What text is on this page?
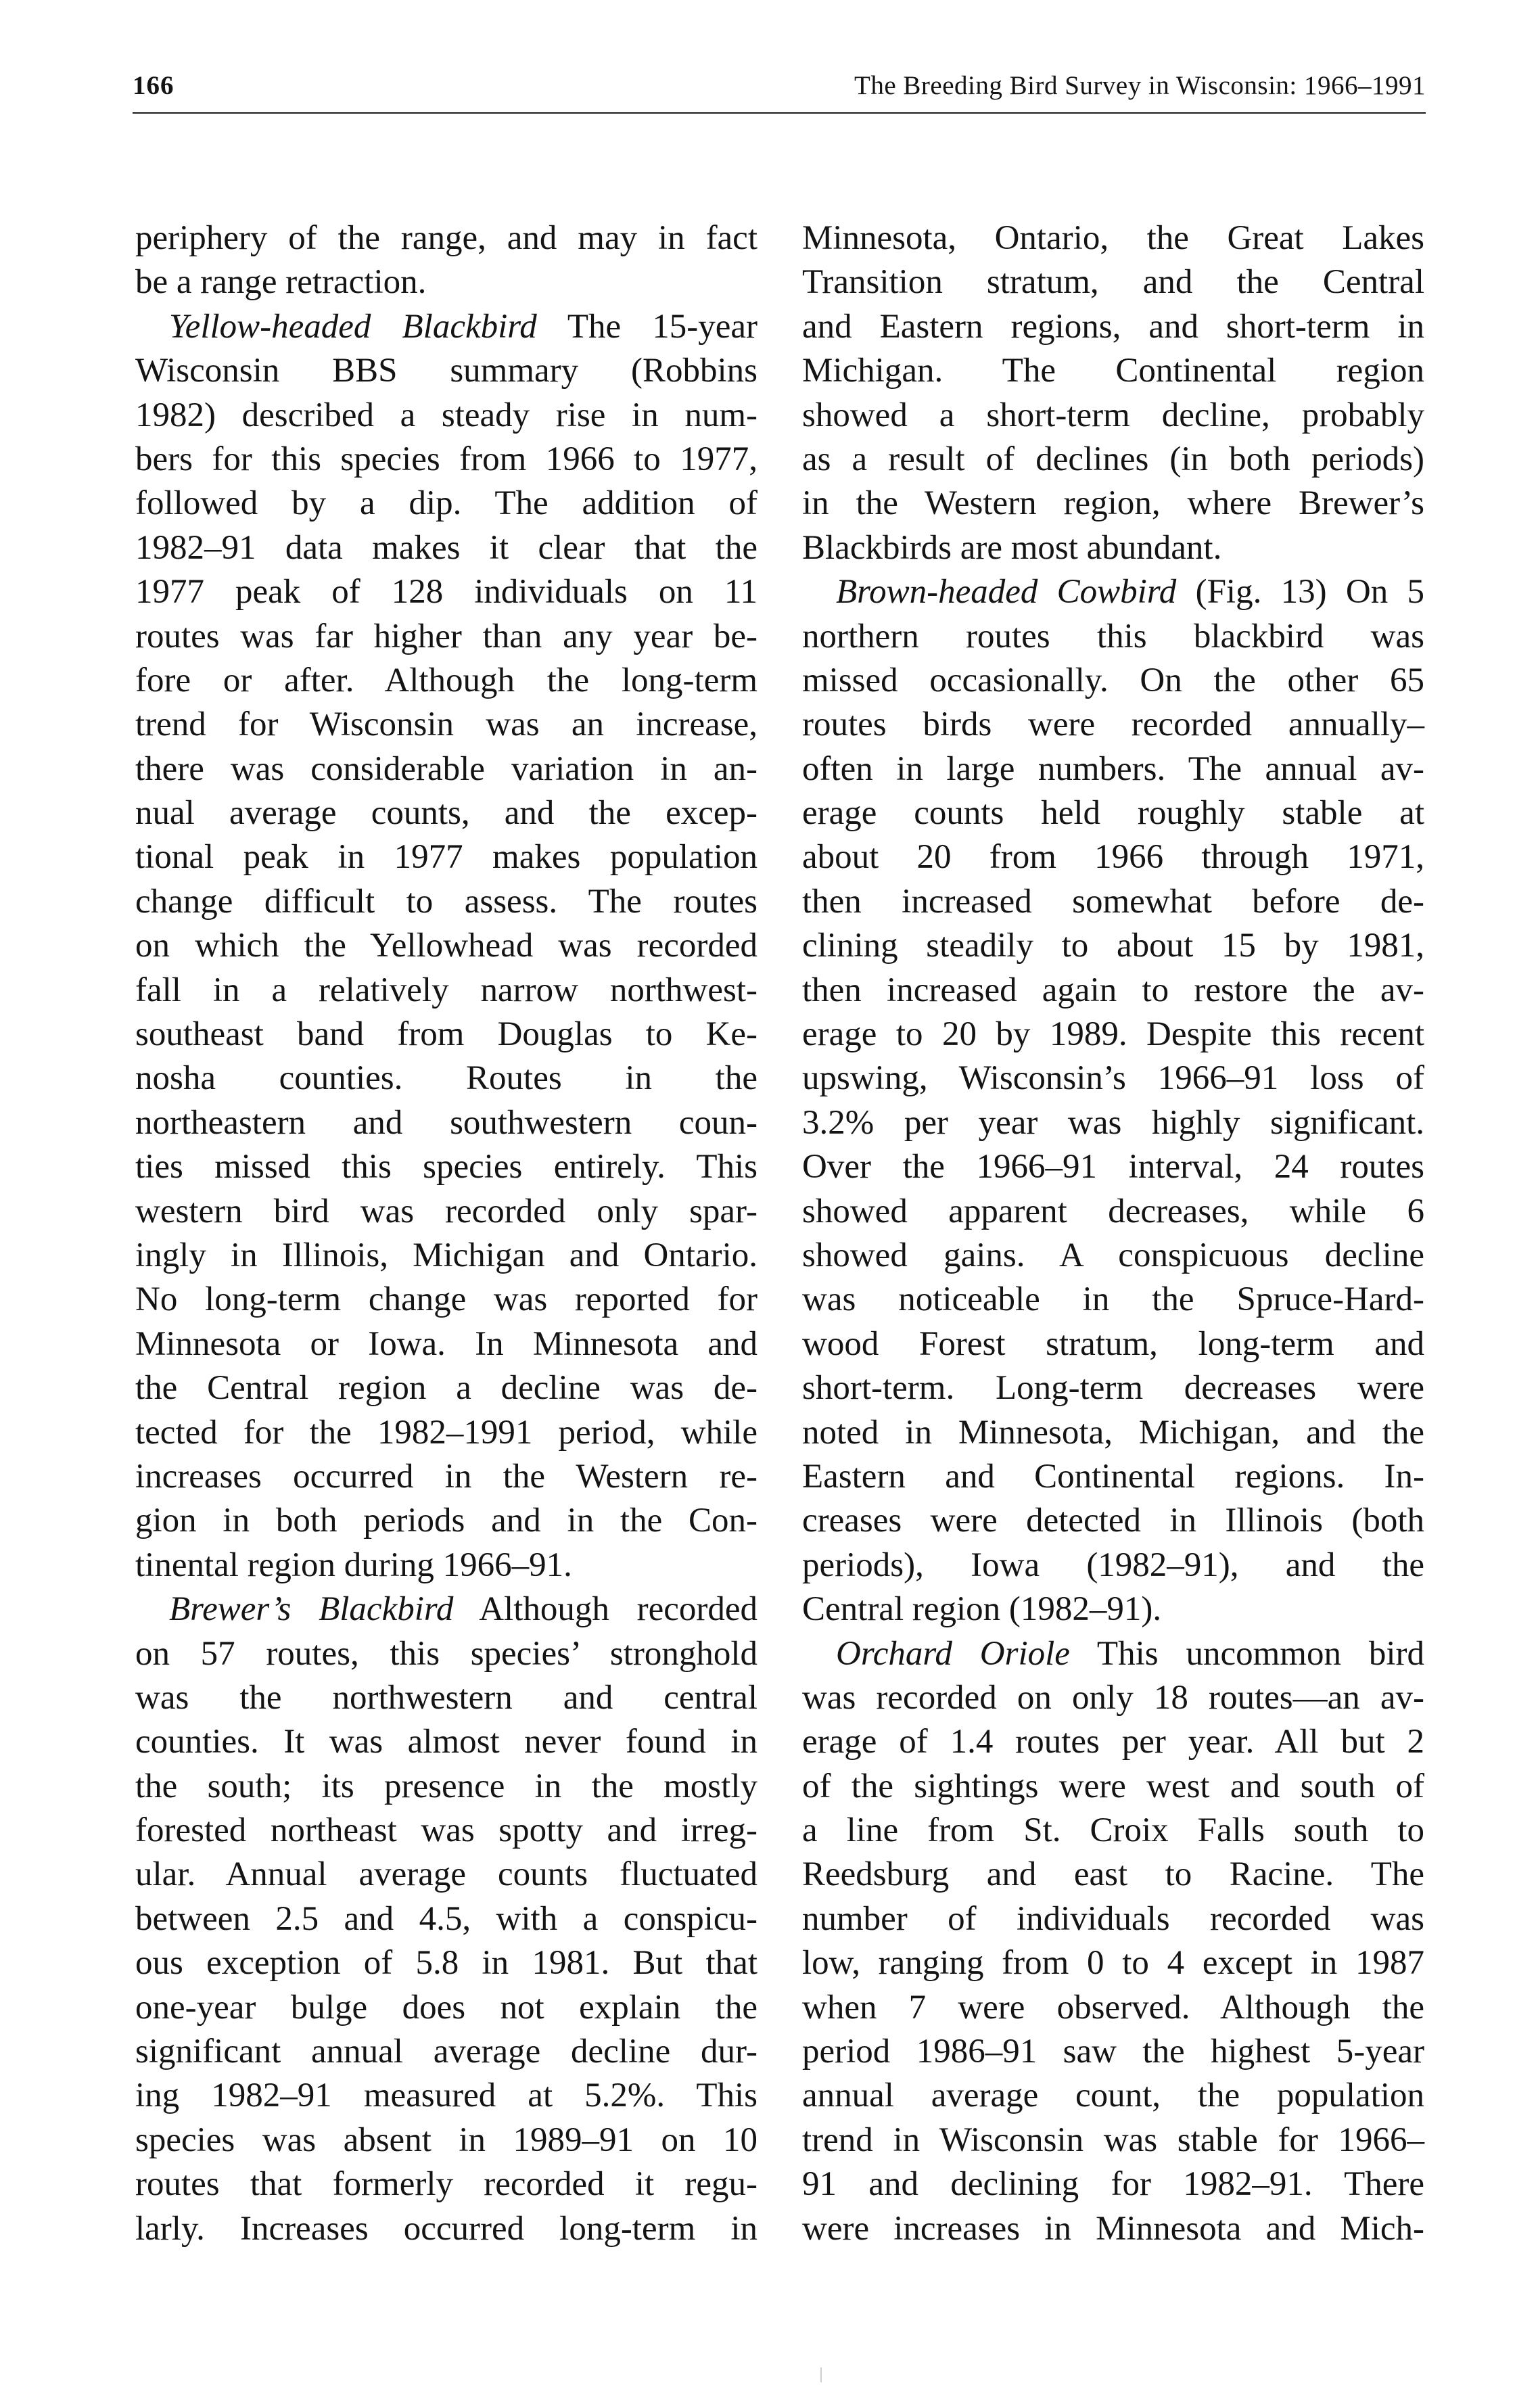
166	The Breeding Bird Survey in Wisconsin: 1966–1991
periphery of the range, and may in fact
be a range retraction.
Yellow-headed Blackbird The 15-year
Wisconsin BBS summary (Robbins
1982) described a steady rise in num-
bers for this species from 1966 to 1977,
followed by a dip. The addition of
1982–91 data makes it clear that the
1977 peak of 128 individuals on 11
routes was far higher than any year be-
fore or after. Although the long-term
trend for Wisconsin was an increase,
there was considerable variation in an-
nual average counts, and the excep-
tional peak in 1977 makes population
change difficult to assess. The routes
on which the Yellowhead was recorded
fall in a relatively narrow northwest-
southeast band from Douglas to Ke-
nosha counties. Routes in the
northeastern and southwestern coun-
ties missed this species entirely. This
western bird was recorded only spar-
ingly in Illinois, Michigan and Ontario.
No long-term change was reported for
Minnesota or Iowa. In Minnesota and
the Central region a decline was de-
tected for the 1982–1991 period, while
increases occurred in the Western re-
gion in both periods and in the Con-
tinental region during 1966–91.
Brewer’s Blackbird Although recorded
on 57 routes, this species’ stronghold
was the northwestern and central
counties. It was almost never found in
the south; its presence in the mostly
forested northeast was spotty and irreg-
ular. Annual average counts fluctuated
between 2.5 and 4.5, with a conspicu-
ous exception of 5.8 in 1981. But that
one-year bulge does not explain the
significant annual average decline dur-
ing 1982–91 measured at 5.2%. This
species was absent in 1989–91 on 10
routes that formerly recorded it regu-
larly. Increases occurred long-term in
Minnesota, Ontario, the Great Lakes
Transition stratum, and the Central
and Eastern regions, and short-term in
Michigan. The Continental region
showed a short-term decline, probably
as a result of declines (in both periods)
in the Western region, where Brewer’s
Blackbirds are most abundant.
Brown-headed Cowbird (Fig. 13) On 5
northern routes this blackbird was
missed occasionally. On the other 65
routes birds were recorded annually–
often in large numbers. The annual av-
erage counts held roughly stable at
about 20 from 1966 through 1971,
then increased somewhat before de-
clining steadily to about 15 by 1981,
then increased again to restore the av-
erage to 20 by 1989. Despite this recent
upswing, Wisconsin’s 1966–91 loss of
3.2% per year was highly significant.
Over the 1966–91 interval, 24 routes
showed apparent decreases, while 6
showed gains. A conspicuous decline
was noticeable in the Spruce-Hard-
wood Forest stratum, long-term and
short-term. Long-term decreases were
noted in Minnesota, Michigan, and the
Eastern and Continental regions. In-
creases were detected in Illinois (both
periods), Iowa (1982–91), and the
Central region (1982–91).
Orchard Oriole This uncommon bird
was recorded on only 18 routes—an av-
erage of 1.4 routes per year. All but 2
of the sightings were west and south of
a line from St. Croix Falls south to
Reedsburg and east to Racine. The
number of individuals recorded was
low, ranging from 0 to 4 except in 1987
when 7 were observed. Although the
period 1986–91 saw the highest 5-year
annual average count, the population
trend in Wisconsin was stable for 1966–
91 and declining for 1982–91. There
were increases in Minnesota and Mich-
